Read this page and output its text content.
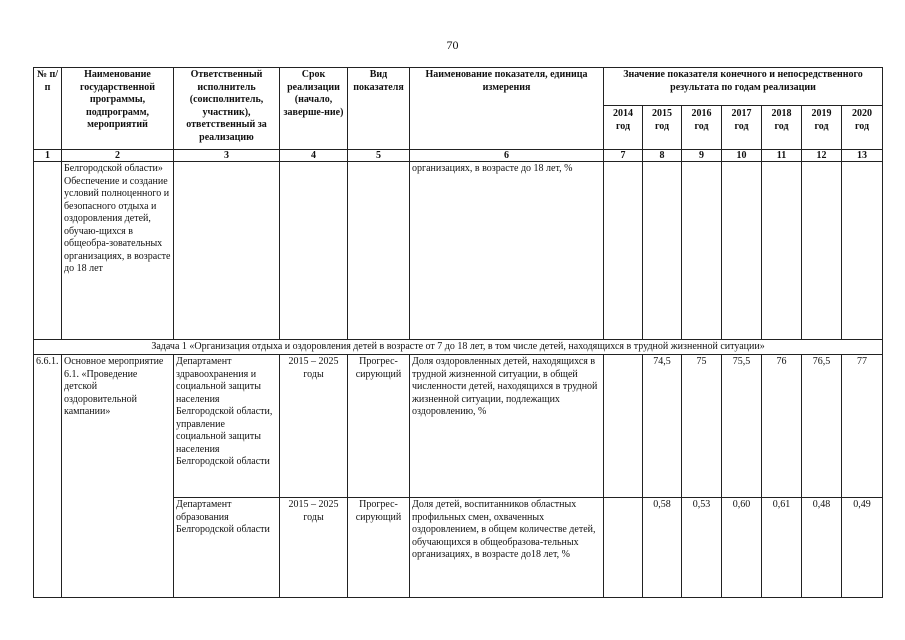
70
№ п/п	Наименование государственной программы, подпрограмм, мероприятий	Ответственный исполнитель (соисполнитель, участник), ответственный за реализацию	Срок реализации (начало, заверше-ние)	Вид показателя	Наименование показателя, единица измерения	Значение показателя конечного и непосредственного результата по годам реализации						
						2014 год	2015 год	2016 год	2017 год	2018 год	2019 год	2020 год
1	2	3	4	5	6	7	8	9	10	11	12	13
	Белгородской области» Обеспечение и создание условий полноценного и безопасного отдыха и оздоровления детей, обучаю-щихся в общеобра-зовательных организациях, в возрасте до 18 лет				организациях, в возрасте до 18 лет, %							
Задача 1 «Организация отдыха и оздоровления детей в возрасте от 7 до 18 лет, в том числе детей, находящихся в трудной жизненной ситуации»												
6.6.1.	Основное мероприятие 6.1. «Проведение детской оздоровительной кампании»	Департамент здравоохранения и социальной защиты населения Белгородской области, управление социальной защиты населения Белгородской области	2015 – 2025 годы	Прогрес-сирующий	Доля оздоровленных детей, находящихся в трудной жизненной ситуации, в общей численности детей, находящихся в трудной жизненной ситуации, подлежащих оздоровлению, %		74,5	75	75,5	76	76,5	77
		Департамент образования Белгородской области	2015 – 2025 годы	Прогрес-сирующий	Доля детей, воспитанников областных профильных смен, охваченных оздоровлением, в общем количестве детей, обучающихся в общеобразова-тельных организациях, в возрасте до18 лет, %		0,58	0,53	0,60	0,61	0,48	0,49
